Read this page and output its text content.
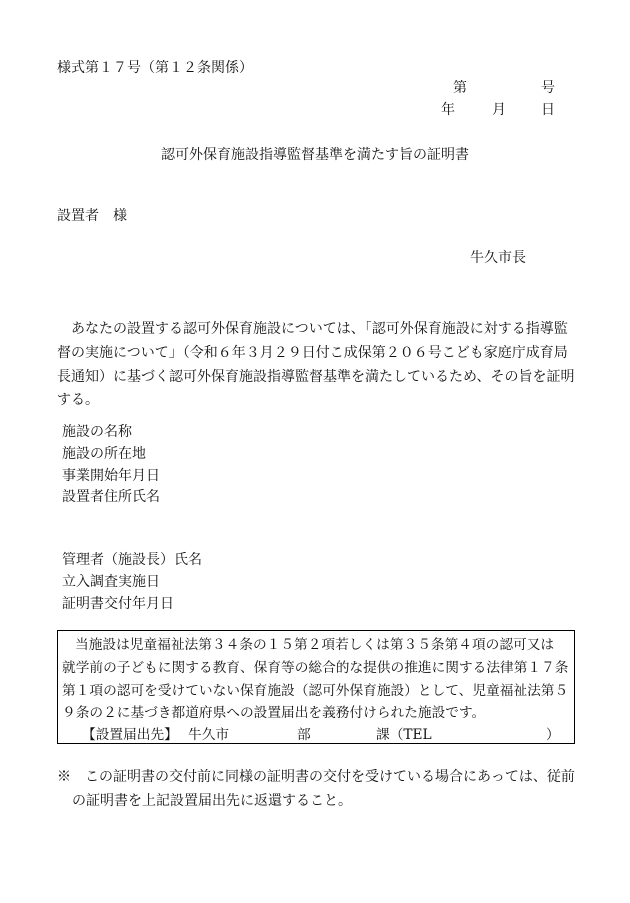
様式第１７号（第１２条関係）
第	号
年	月	日
認可外保育施設指導監督基準を満たす旨の証明書
設置者　様
牛久市長
あなたの設置する認可外保育施設については、「認可外保育施設に対する指導監
督の実施について」（令和６年３月２９日付こ成保第２０６号こども家庭庁成育局
長通知）に基づく認可外保育施設指導監督基準を満たしているため、その旨を証明
する。
施設の名称
施設の所在地
事業開始年月日
設置者住所氏名
管理者（施設長）氏名
立入調査実施日
証明書交付年月日
当施設は児童福祉法第３４条の１５第２項若しくは第３５条第４項の認可又は
就学前の子どもに関する教育、保育等の総合的な提供の推進に関する法律第１７条
第１項の認可を受けていない保育施設（認可外保育施設）として、児童福祉法第５
９条の２に基づき都道府県への設置届出を義務付けられた施設です。
【設置届出先】 牛久市	部	課（TEL	）
※　この証明書の交付前に同様の証明書の交付を受けている場合にあっては、従前
の証明書を上記設置届出先に返還すること。
